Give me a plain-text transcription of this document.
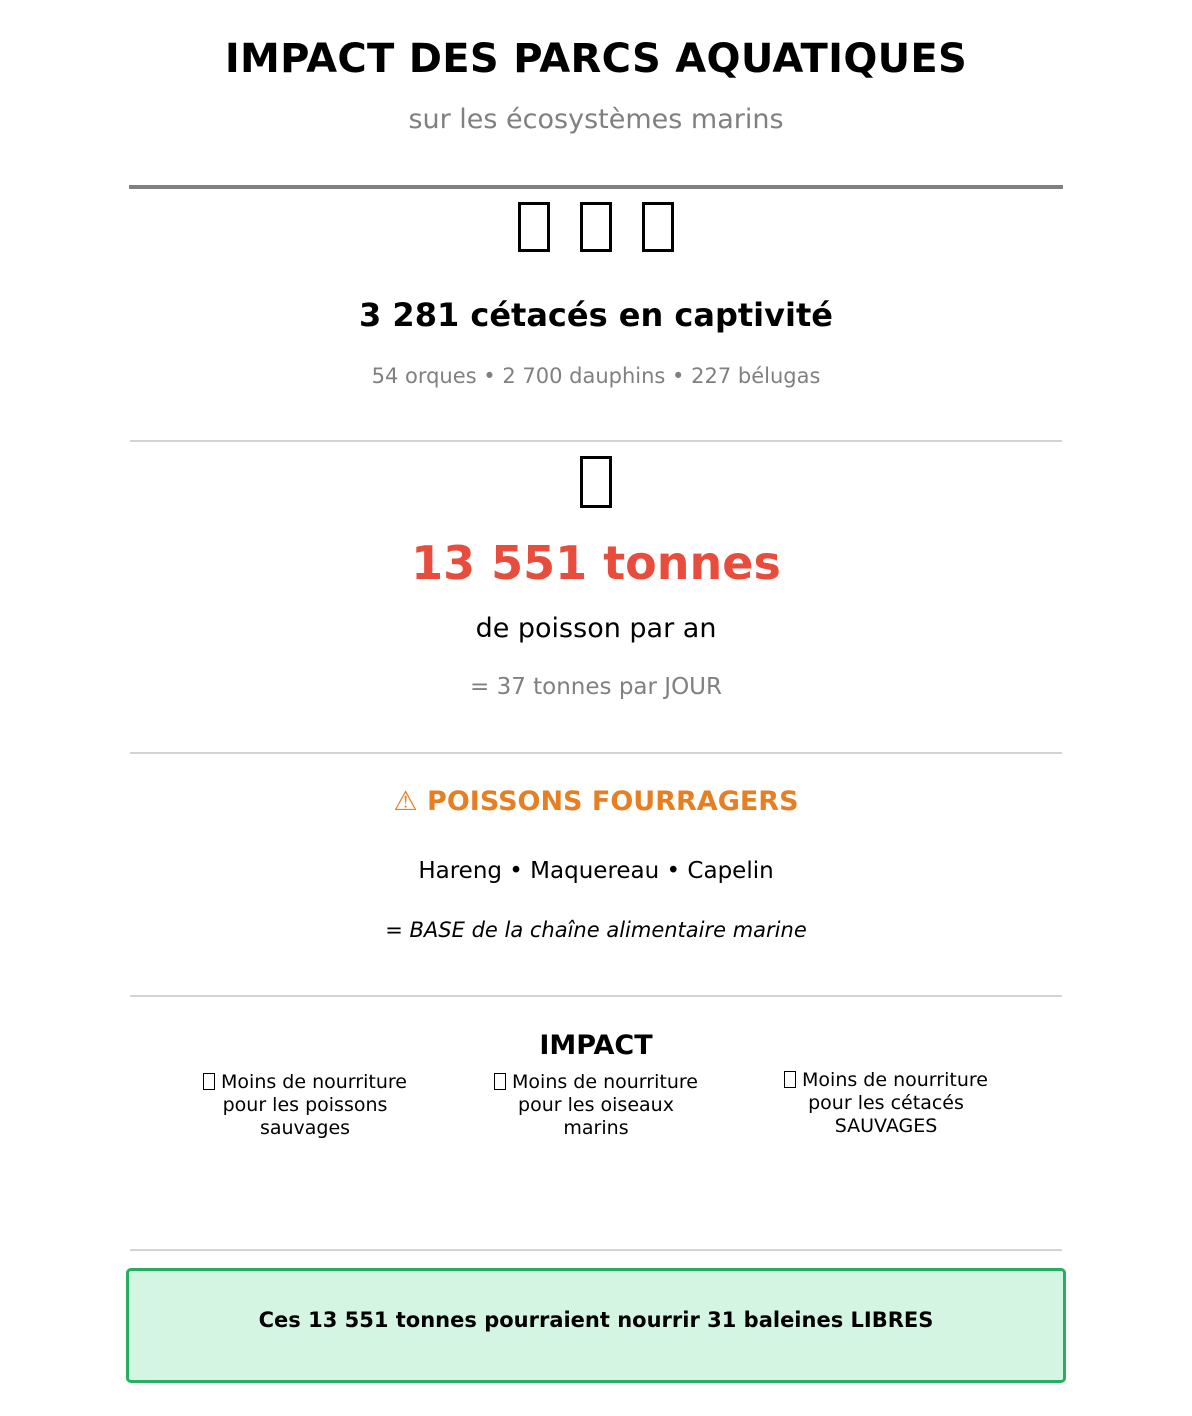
IMPACT DES PARCS AQUATIQUES
sur les écosystèmes marins
3 281 cétacés en captivité
54 orques • 2 700 dauphins • 227 bélugas
13 551 tonnes
de poisson par an
= 37 tonnes par JOUR
⚠ POISSONS FOURRAGERS
Hareng • Maquereau • Capelin
= BASE de la chaîne alimentaire marine
IMPACT
Moins de nourriture
pour les poissons
sauvages
Moins de nourriture
pour les oiseaux
marins
Moins de nourriture
pour les cétacés
SAUVAGES
Ces 13 551 tonnes pourraient nourrir 31 baleines LIBRES
